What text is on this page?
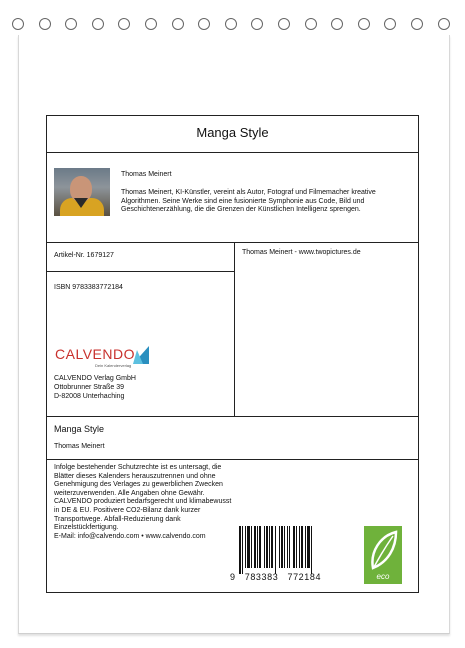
Manga Style
Thomas Meinert
Thomas Meinert, KI-Künstler, vereint als Autor, Fotograf und Filmemacher kreative Algorithmen. Seine Werke sind eine fusionierte Symphonie aus Code, Bild und Geschichtenerzählung, die die Grenzen der Künstlichen Intelligenz sprengen.
Artikel-Nr. 1679127	Thomas Meinert - www.twopictures.de
ISBN 9783383772184
CALVENDO
Dein Kalenderverlag
CALVENDO Verlag GmbH
Ottobrunner Straße 39
D-82008 Unterhaching
Manga Style
Thomas Meinert
Infolge bestehender Schutzrechte ist es untersagt, die Blätter dieses Kalenders herauszutrennen und ohne Genehmigung des Verlages zu gewerblichen Zwecken weiterzuverwenden. Alle Angaben ohne Gewähr.
CALVENDO produziert bedarfsgerecht und klimabewusst in DE & EU. Positivere CO2-Bilanz dank kurzer Transportwege. Abfall-Reduzierung dank Einzelstückfertigung.
E-Mail: info@calvendo.com • www.calvendo.com
9 783383 772184	eco
